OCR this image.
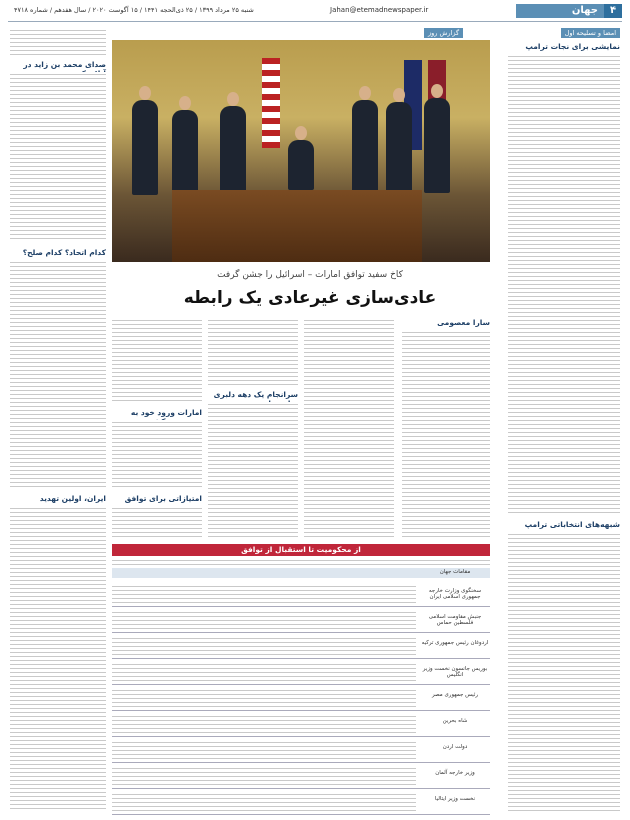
۴
جهان
Jahan@etemadnewspaper.ir
شنبه ۲۵ مرداد ۱۳۹۹ / ۲۵ ذی‌الحجه ۱۴۴۱ / ۱۵ آگوست ۲۰۲۰ / سال هفدهم / شماره ۴۷۱۸
صدای محمد بن زاید در
کدام اتحاد؟ کدام صلح؟
ایران، اولین تهدید
گزارش روز
کاخ سفید توافق امارات – اسرائیل را جشن گرفت
عادی‌سازی غیرعادی یک رابطه
سارا معصومی
سرانجام یک دهه دلبری
امارات ورود خود به
امتیازاتی برای توافق
از محکومیت تا استقبال از توافق
مقامات جهان
سخنگوی وزارت خارجه جمهوری اسلامی ایران
جنبش مقاومت اسلامی فلسطین حماس
اردوغان رئیس جمهوری ترکیه
بوریس جانسون نخست وزیر انگلیس
رئیس جمهوری مصر
شاه بحرین
دولت اردن
وزیر خارجه آلمان
نخست وزیر ایتالیا
امضا و تسلیحه اول
نمایشی برای نجات ترامپ
شبهه‌های انتخاباتی ترامپ
